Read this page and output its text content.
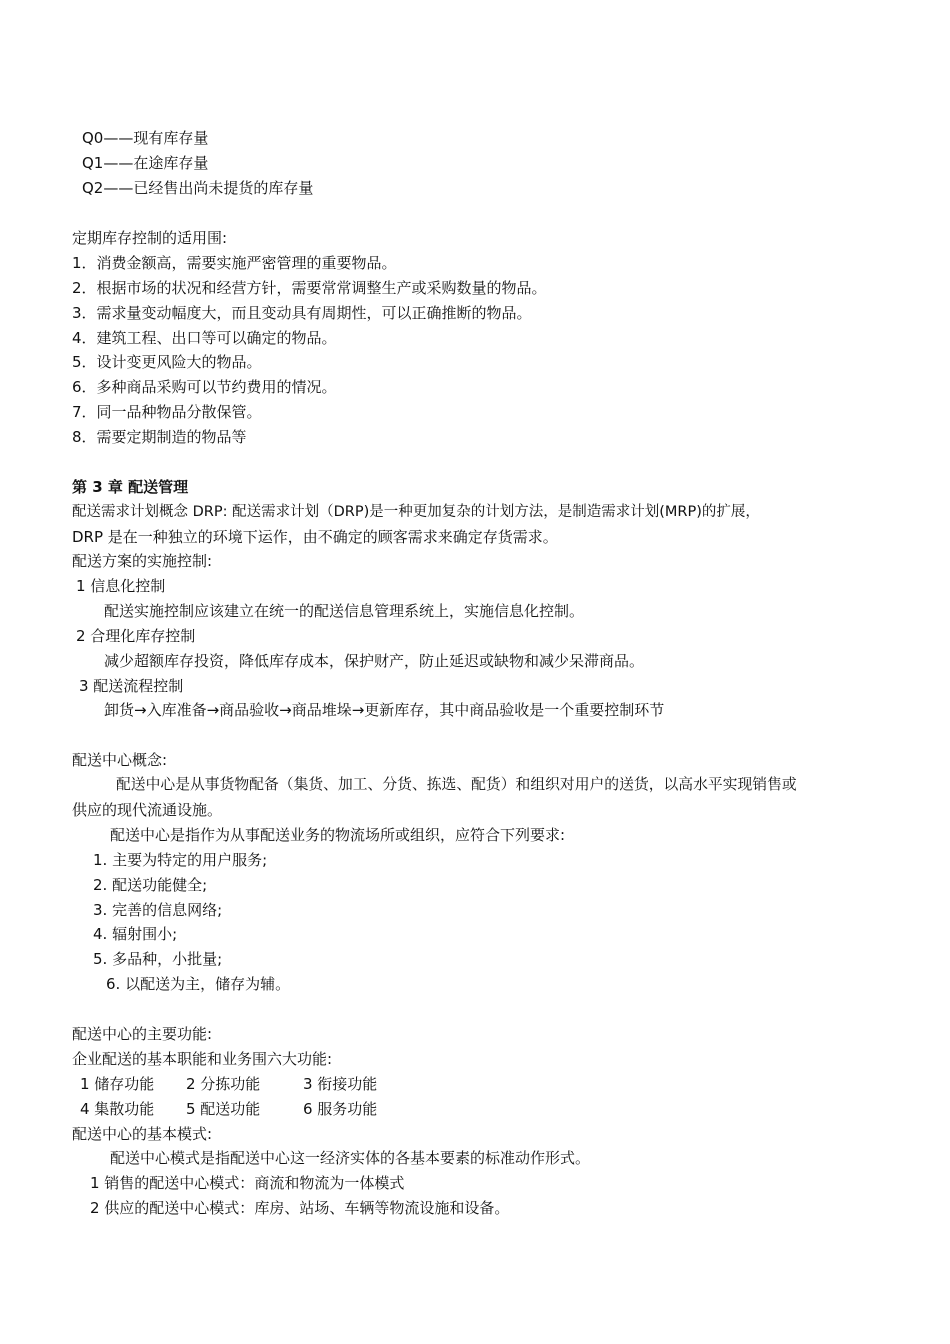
Q0——现有库存量
Q1——在途库存量
Q2——已经售出尚未提货的库存量
定期库存控制的适用围:
1．消费金额高，需要实施严密管理的重要物品。
2．根据市场的状况和经营方针，需要常常调整生产或采购数量的物品。
3．需求量变动幅度大，而且变动具有周期性，可以正确推断的物品。
4．建筑工程、出口等可以确定的物品。
5．设计变更风险大的物品。
6．多种商品采购可以节约费用的情况。
7．同一品种物品分散保管。
8．需要定期制造的物品等
第 3 章 配送管理
配送需求计划概念 DRP: 配送需求计划（DRP)是一种更加复杂的计划方法，是制造需求计划(MRP)的扩展，
DRP 是在一种独立的环境下运作，由不确定的顾客需求来确定存货需求。
配送方案的实施控制:
1 信息化控制
配送实施控制应该建立在统一的配送信息管理系统上，实施信息化控制。
2 合理化库存控制
减少超额库存投资，降低库存成本，保护财产，防止延迟或缺物和减少呆滞商品。
3 配送流程控制
卸货→入库准备→商品验收→商品堆垛→更新库存，其中商品验收是一个重要控制环节
配送中心概念:
配送中心是从事货物配备（集货、加工、分货、拣选、配货）和组织对用户的送货，以高水平实现销售或
供应的现代流通设施。
配送中心是指作为从事配送业务的物流场所或组织，应符合下列要求:
1. 主要为特定的用户服务;
2. 配送功能健全;
3. 完善的信息网络;
4. 辐射围小;
5. 多品种，小批量;
6. 以配送为主，储存为辅。
配送中心的主要功能:
企业配送的基本职能和业务围六大功能:
1 储存功能 2 分拣功能	3 衔接功能
4 集散功能 5 配送功能	6 服务功能
配送中心的基本模式:
配送中心模式是指配送中心这一经济实体的各基本要素的标准动作形式。
1 销售的配送中心模式：商流和物流为一体模式
2 供应的配送中心模式：库房、站场、车辆等物流设施和设备。
